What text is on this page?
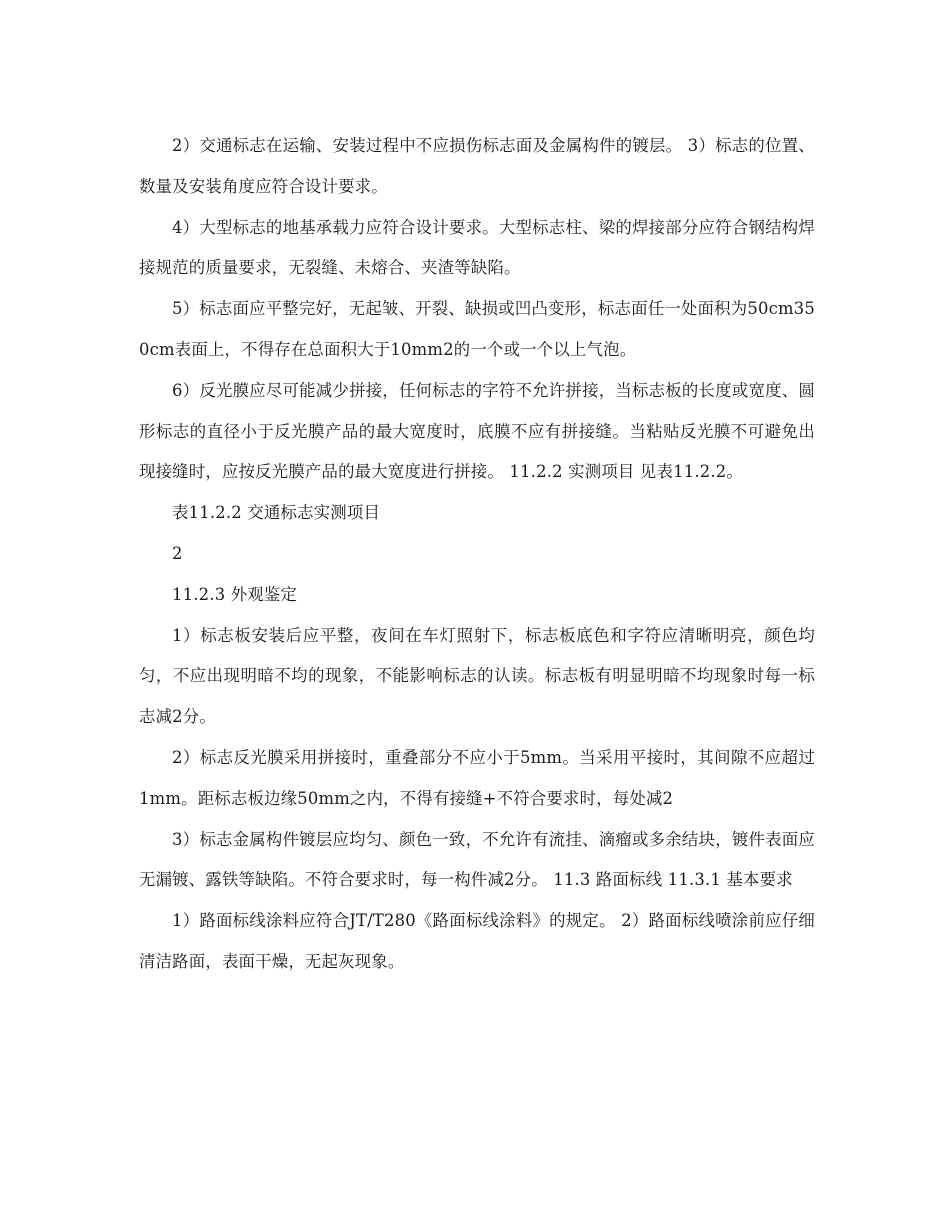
2）交通标志在运输、安装过程中不应损伤标志面及金属构件的镀层。 3）标志的位置、数量及安装角度应符合设计要求。

4）大型标志的地基承载力应符合设计要求。大型标志柱、梁的焊接部分应符合钢结构焊接规范的质量要求，无裂缝、未熔合、夹渣等缺陷。

5）标志面应平整完好，无起皱、开裂、缺损或凹凸变形，标志面任一处面积为50cm350cm表面上，不得存在总面积大于10mm2的一个或一个以上气泡。

6）反光膜应尽可能减少拼接，任何标志的字符不允许拼接，当标志板的长度或宽度、圆形标志的直径小于反光膜产品的最大宽度时，底膜不应有拼接缝。当粘贴反光膜不可避免出现接缝时，应按反光膜产品的最大宽度进行拼接。 11.2.2 实测项目 见表11.2.2。

表11.2.2 交通标志实测项目

2

11.2.3 外观鉴定

1）标志板安装后应平整，夜间在车灯照射下，标志板底色和字符应清晰明亮，颜色均匀，不应出现明暗不均的现象，不能影响标志的认读。标志板有明显明暗不均现象时每一标志减2分。

2）标志反光膜采用拼接时，重叠部分不应小于5mm。当采用平接时，其间隙不应超过1mm。距标志板边缘50mm之内，不得有接缝+不符合要求时，每处减2

3）标志金属构件镀层应均匀、颜色一致，不允许有流挂、滴瘤或多余结块，镀件表面应无漏镀、露铁等缺陷。不符合要求时，每一构件减2分。 11.3 路面标线 11.3.1 基本要求

1）路面标线涂料应符合JT/T280《路面标线涂料》的规定。 2）路面标线喷涂前应仔细清洁路面，表面干燥，无起灰现象。
